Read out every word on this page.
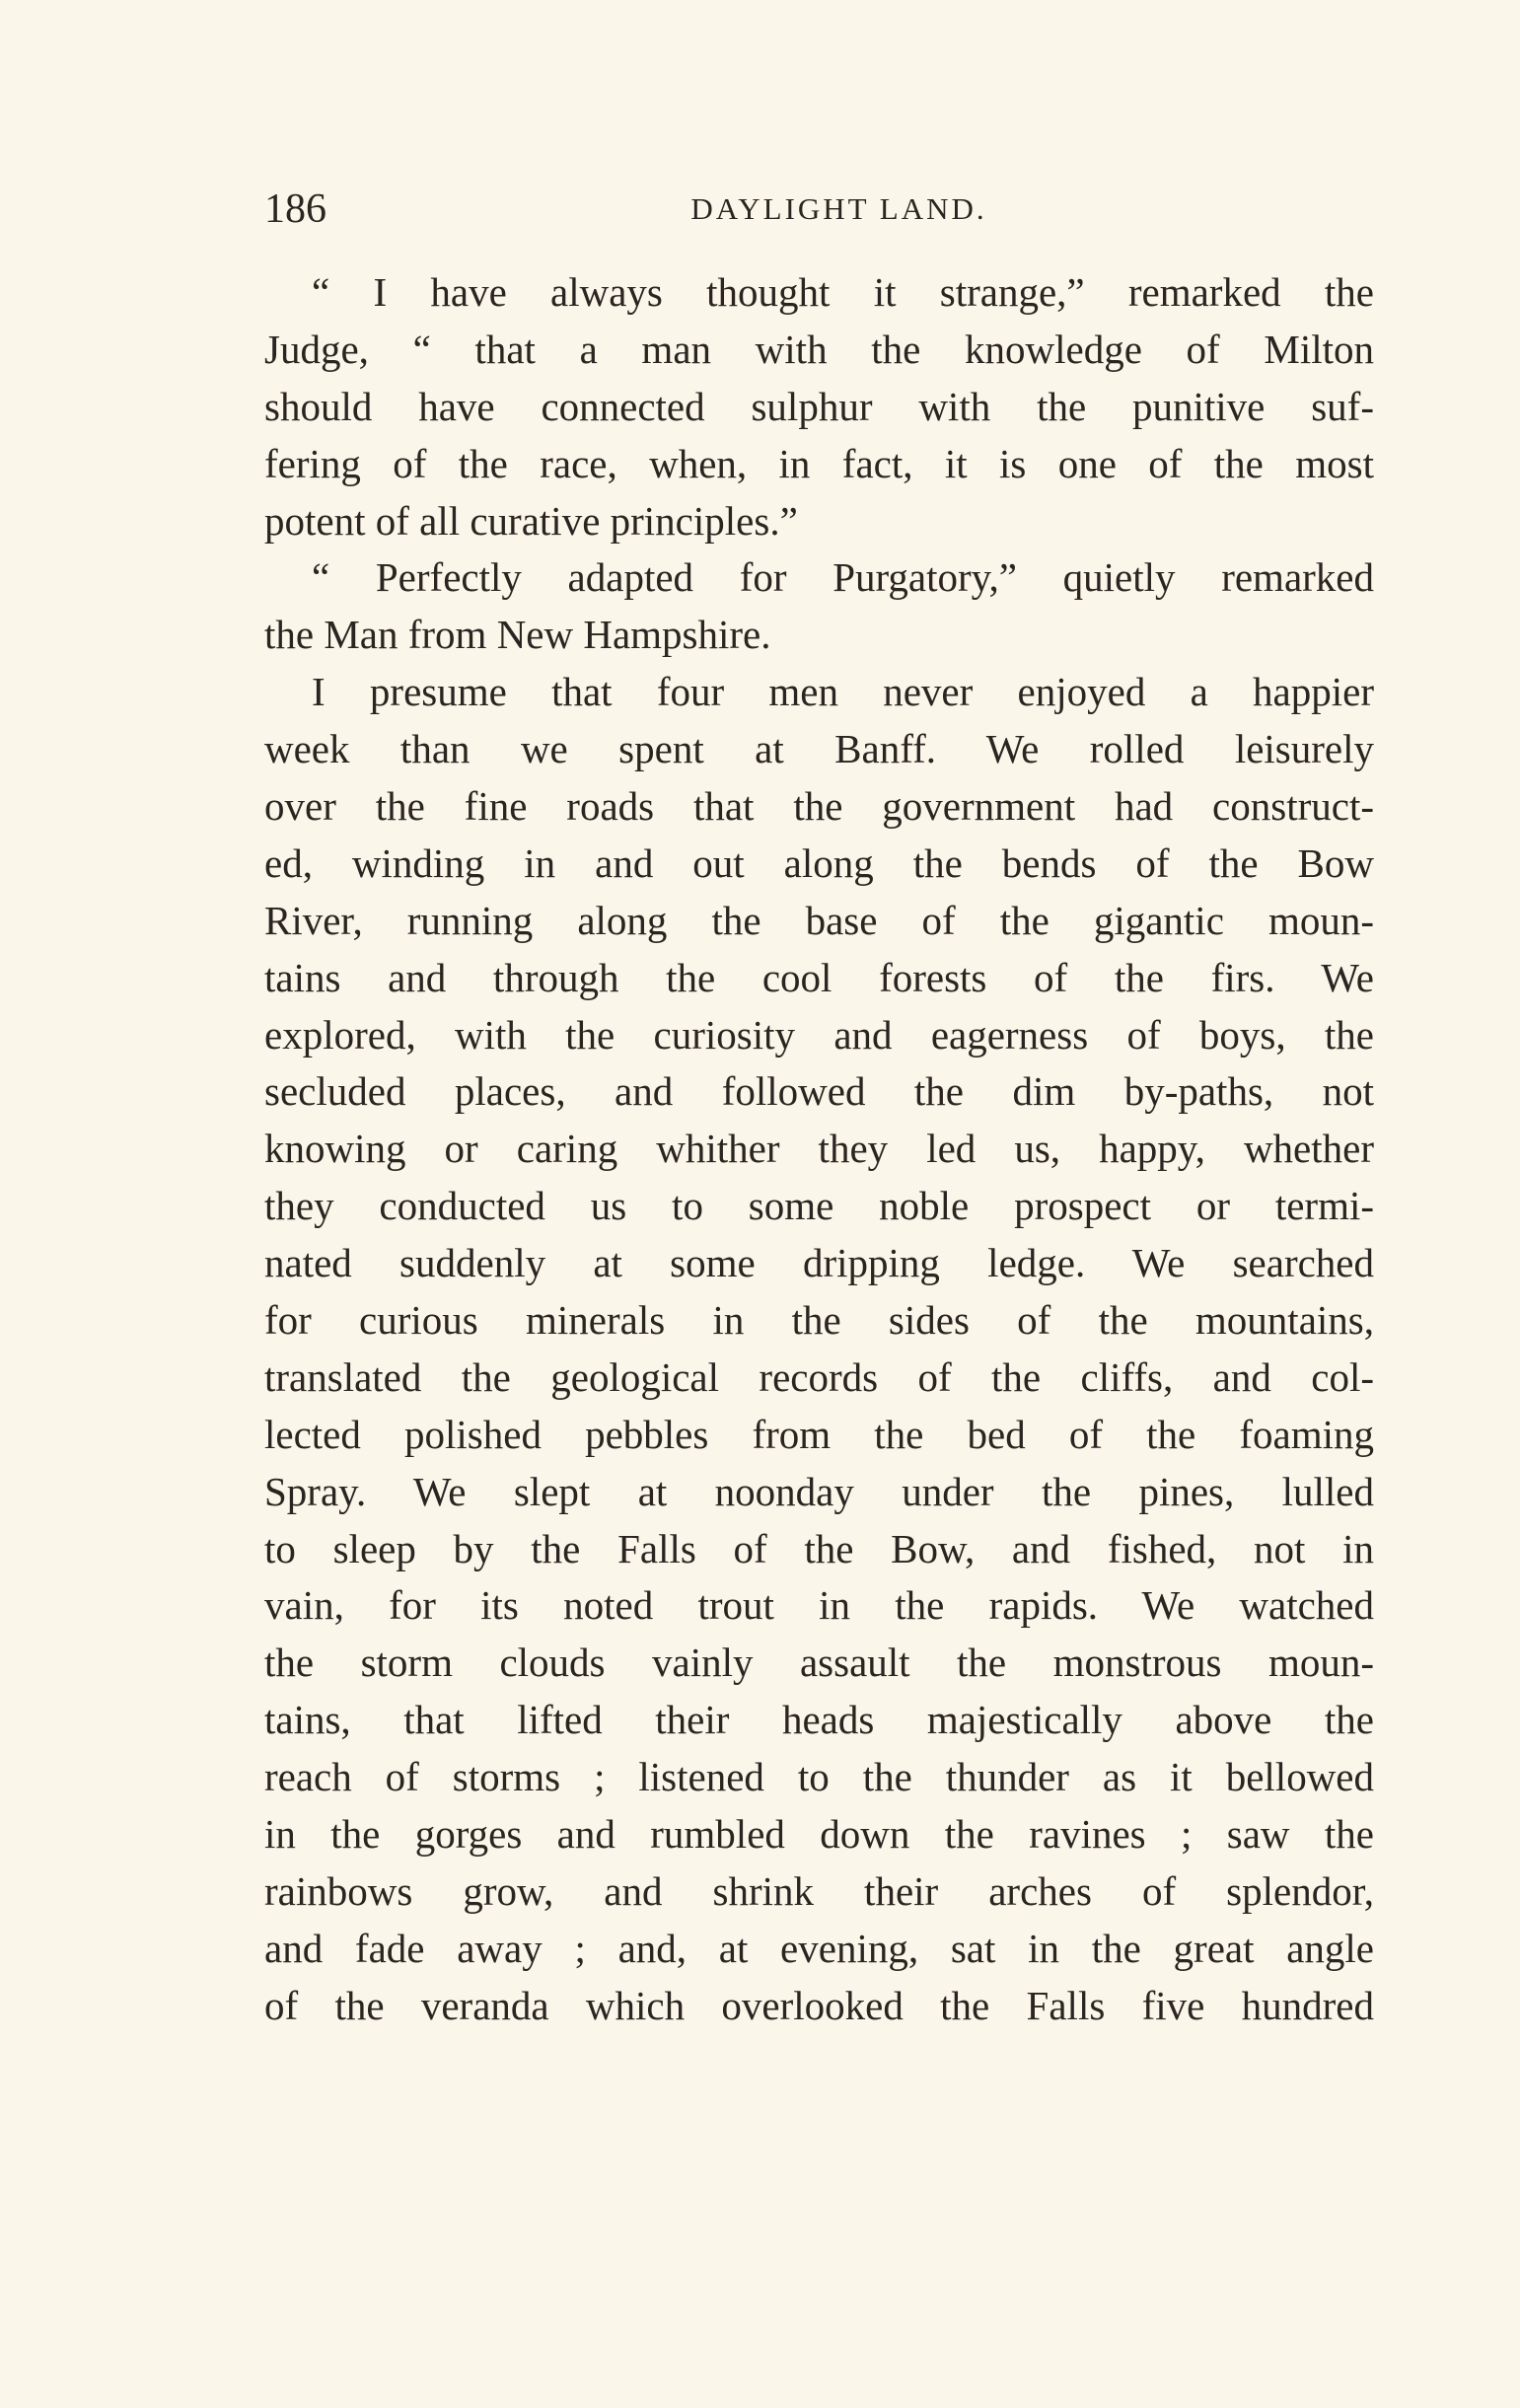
186	DAYLIGHT LAND.
“ I have always thought it strange,” remarked the
Judge, “ that a man with the knowledge of Milton
should have connected sulphur with the punitive suf-
fering of the race, when, in fact, it is one of the most
potent of all curative principles.”
“ Perfectly adapted for Purgatory,” quietly remarked
the Man from New Hampshire.
I presume that four men never enjoyed a happier
week than we spent at Banff. We rolled leisurely
over the fine roads that the government had construct-
ed, winding in and out along the bends of the Bow
River, running along the base of the gigantic moun-
tains and through the cool forests of the firs. We
explored, with the curiosity and eagerness of boys, the
secluded places, and followed the dim by-paths, not
knowing or caring whither they led us, happy, whether
they conducted us to some noble prospect or termi-
nated suddenly at some dripping ledge. We searched
for curious minerals in the sides of the mountains,
translated the geological records of the cliffs, and col-
lected polished pebbles from the bed of the foaming
Spray. We slept at noonday under the pines, lulled
to sleep by the Falls of the Bow, and fished, not in
vain, for its noted trout in the rapids. We watched
the storm clouds vainly assault the monstrous moun-
tains, that lifted their heads majestically above the
reach of storms ; listened to the thunder as it bellowed
in the gorges and rumbled down the ravines ; saw the
rainbows grow, and shrink their arches of splendor,
and fade away ; and, at evening, sat in the great angle
of the veranda which overlooked the Falls five hundred
